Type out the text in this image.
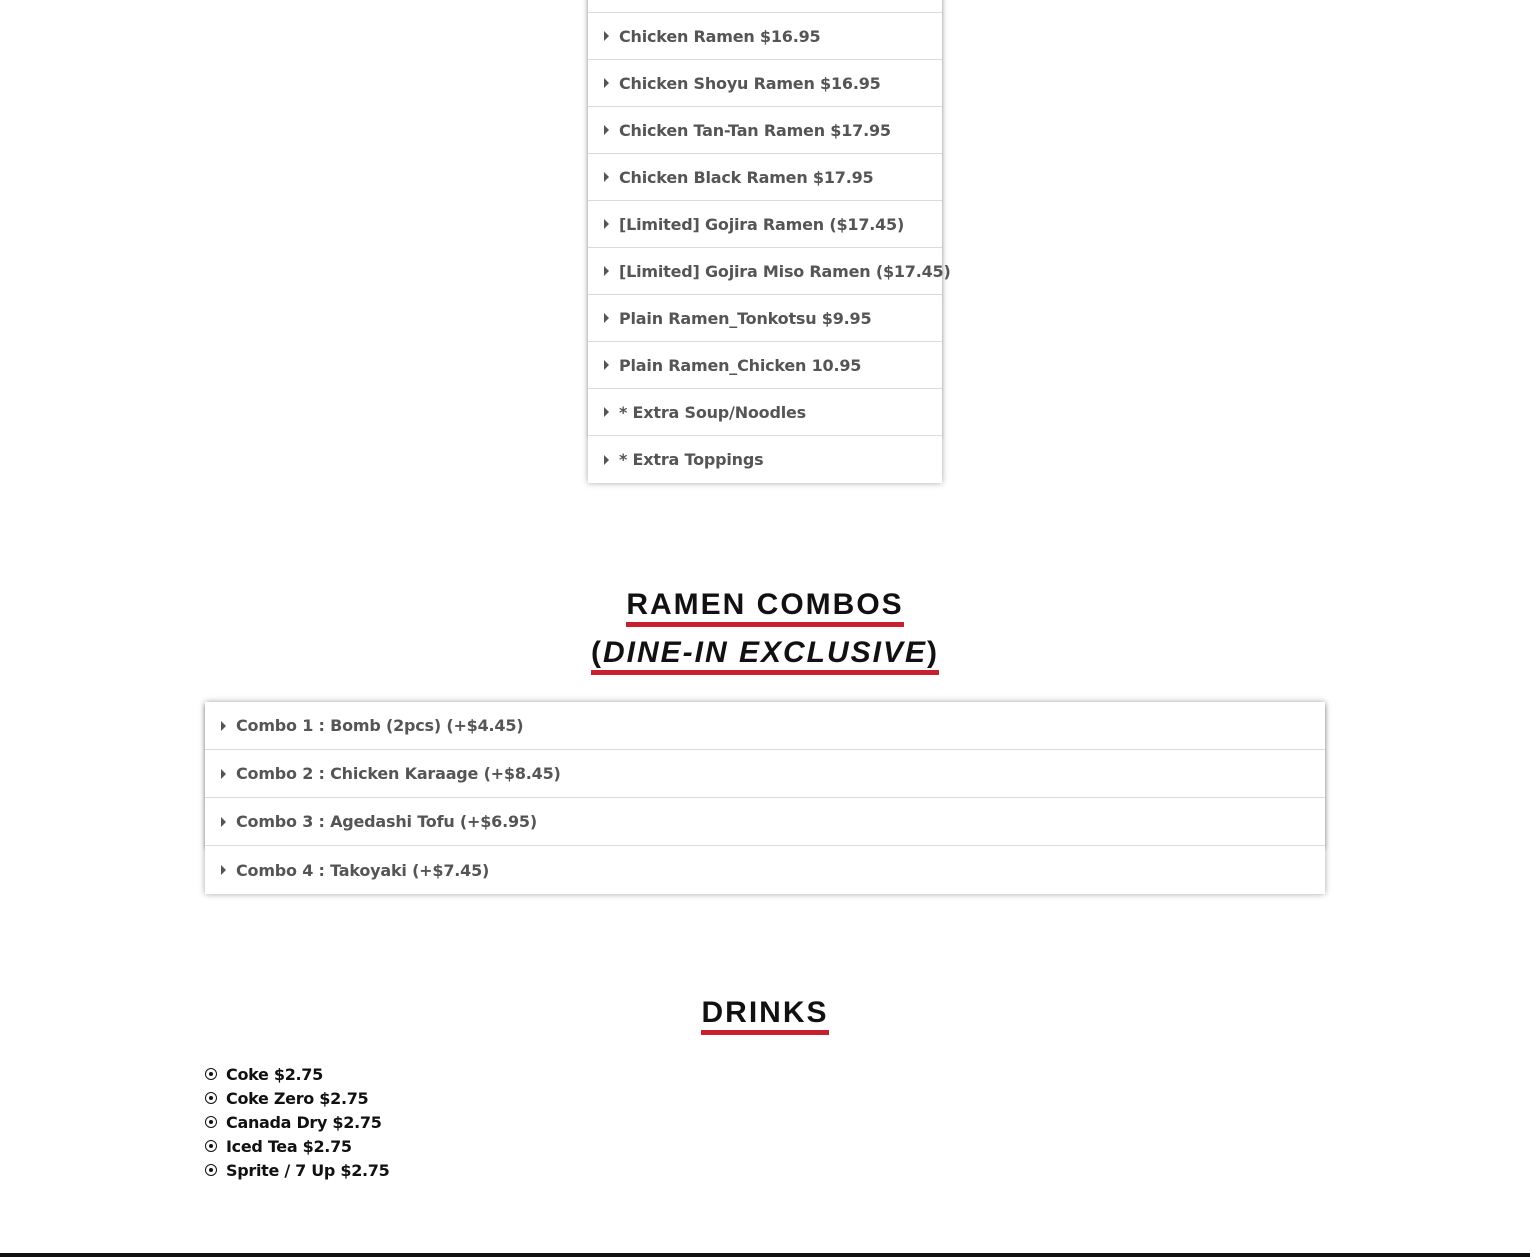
Chicken Ramen $16.95
Chicken Shoyu Ramen $16.95
Chicken Tan-Tan Ramen $17.95
Chicken Black Ramen $17.95
[Limited] Gojira Ramen ($17.45)
[Limited] Gojira Miso Ramen ($17.45)
Plain Ramen_Tonkotsu $9.95
Plain Ramen_Chicken 10.95
* Extra Soup/Noodles
* Extra Toppings
RAMEN COMBOS
(DINE-IN EXCLUSIVE)
Combo 1 : Bomb (2pcs) (+$4.45)
Combo 2 : Chicken Karaage (+$8.45)
Combo 3 : Agedashi Tofu (+$6.95)
Combo 4 : Takoyaki (+$7.45)
DRINKS
Coke $2.75
Coke Zero $2.75
Canada Dry $2.75
Iced Tea $2.75
Sprite / 7 Up $2.75
